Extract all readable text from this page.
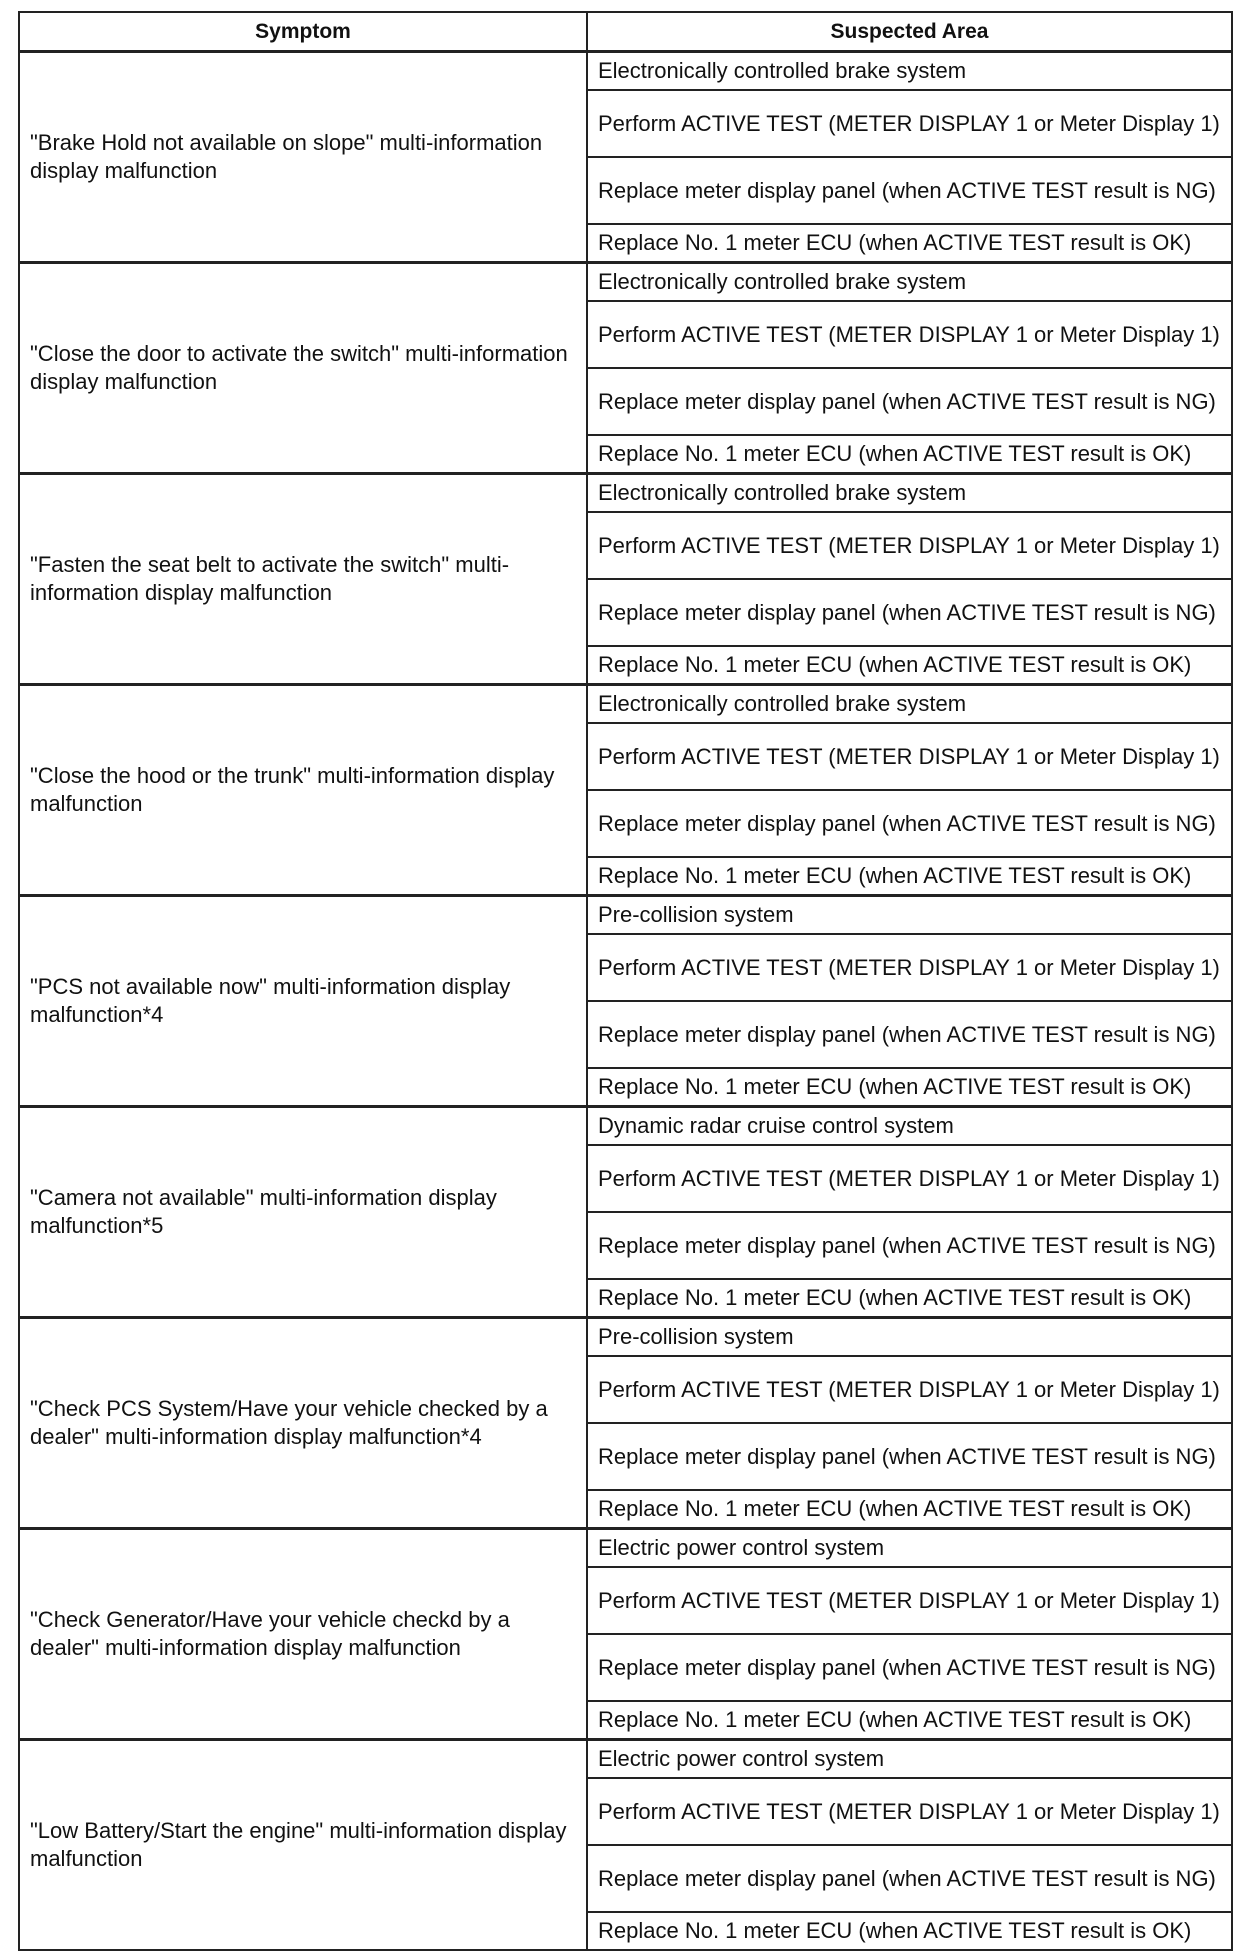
Symptom	Suspected Area
"Brake Hold not available on slope" multi-information display malfunction	Electronically controlled brake system
	Perform ACTIVE TEST (METER DISPLAY 1 or Meter Display 1)
	Replace meter display panel (when ACTIVE TEST result is NG)
	Replace No. 1 meter ECU (when ACTIVE TEST result is OK)
"Close the door to activate the switch" multi-information display malfunction	Electronically controlled brake system
	Perform ACTIVE TEST (METER DISPLAY 1 or Meter Display 1)
	Replace meter display panel (when ACTIVE TEST result is NG)
	Replace No. 1 meter ECU (when ACTIVE TEST result is OK)
"Fasten the seat belt to activate the switch" multi-information display malfunction	Electronically controlled brake system
	Perform ACTIVE TEST (METER DISPLAY 1 or Meter Display 1)
	Replace meter display panel (when ACTIVE TEST result is NG)
	Replace No. 1 meter ECU (when ACTIVE TEST result is OK)
"Close the hood or the trunk" multi-information display malfunction	Electronically controlled brake system
	Perform ACTIVE TEST (METER DISPLAY 1 or Meter Display 1)
	Replace meter display panel (when ACTIVE TEST result is NG)
	Replace No. 1 meter ECU (when ACTIVE TEST result is OK)
"PCS not available now" multi-information display malfunction*4	Pre-collision system
	Perform ACTIVE TEST (METER DISPLAY 1 or Meter Display 1)
	Replace meter display panel (when ACTIVE TEST result is NG)
	Replace No. 1 meter ECU (when ACTIVE TEST result is OK)
"Camera not available" multi-information display malfunction*5	Dynamic radar cruise control system
	Perform ACTIVE TEST (METER DISPLAY 1 or Meter Display 1)
	Replace meter display panel (when ACTIVE TEST result is NG)
	Replace No. 1 meter ECU (when ACTIVE TEST result is OK)
"Check PCS System/Have your vehicle checked by a dealer" multi-information display malfunction*4	Pre-collision system
	Perform ACTIVE TEST (METER DISPLAY 1 or Meter Display 1)
	Replace meter display panel (when ACTIVE TEST result is NG)
	Replace No. 1 meter ECU (when ACTIVE TEST result is OK)
"Check Generator/Have your vehicle checkd by a dealer" multi-information display malfunction	Electric power control system
	Perform ACTIVE TEST (METER DISPLAY 1 or Meter Display 1)
	Replace meter display panel (when ACTIVE TEST result is NG)
	Replace No. 1 meter ECU (when ACTIVE TEST result is OK)
"Low Battery/Start the engine" multi-information display malfunction	Electric power control system
	Perform ACTIVE TEST (METER DISPLAY 1 or Meter Display 1)
	Replace meter display panel (when ACTIVE TEST result is NG)
	Replace No. 1 meter ECU (when ACTIVE TEST result is OK)
